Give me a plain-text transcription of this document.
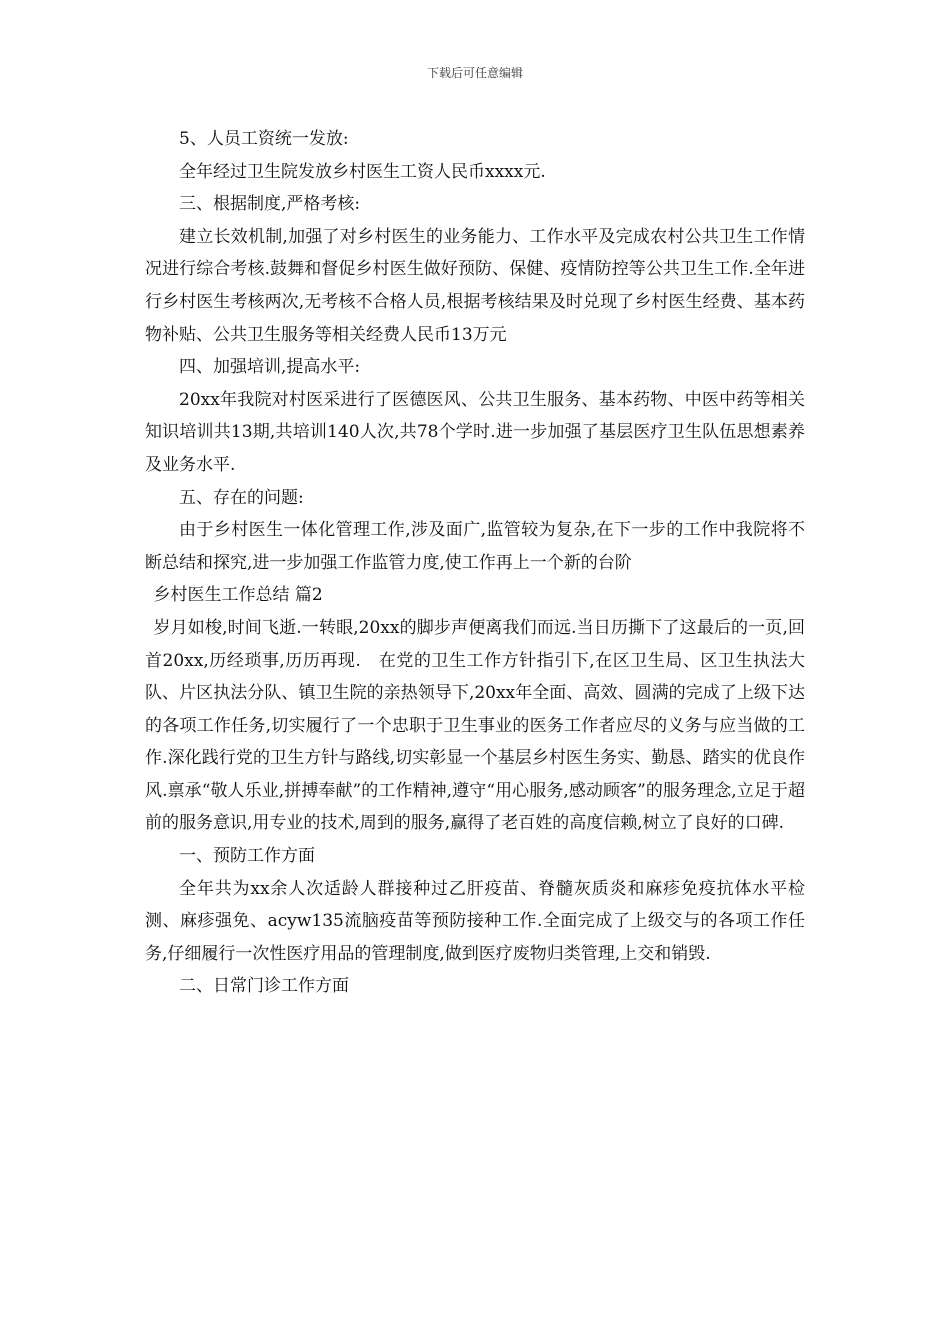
下载后可任意编辑

5、人员工资统一发放:

全年经过卫生院发放乡村医生工资人民币xxxx元.

三、根据制度,严格考核:

建立长效机制,加强了对乡村医生的业务能力、工作水平及完成农村公共卫生工作情况进行综合考核.鼓舞和督促乡村医生做好预防、保健、疫情防控等公共卫生工作.全年进行乡村医生考核两次,无考核不合格人员,根据考核结果及时兑现了乡村医生经费、基本药物补贴、公共卫生服务等相关经费人民币13万元

四、加强培训,提高水平:

20xx年我院对村医采进行了医德医风、公共卫生服务、基本药物、中医中药等相关知识培训共13期,共培训140人次,共78个学时.进一步加强了基层医疗卫生队伍思想素养及业务水平.

五、存在的问题:

由于乡村医生一体化管理工作,涉及面广,监管较为复杂,在下一步的工作中我院将不断总结和探究,进一步加强工作监管力度,使工作再上一个新的台阶

乡村医生工作总结 篇2

岁月如梭,时间飞逝.一转眼,20xx的脚步声便离我们而远.当日历撕下了这最后的一页,回首20xx,历经琐事,历历再现.　在党的卫生工作方针指引下,在区卫生局、区卫生执法大队、片区执法分队、镇卫生院的亲热领导下,20xx年全面、高效、圆满的完成了上级下达的各项工作任务,切实履行了一个忠职于卫生事业的医务工作者应尽的义务与应当做的工作.深化践行党的卫生方针与路线,切实彰显一个基层乡村医生务实、勤恳、踏实的优良作风.禀承“敬人乐业,拼搏奉献”的工作精神,遵守“用心服务,感动顾客”的服务理念,立足于超前的服务意识,用专业的技术,周到的服务,赢得了老百姓的高度信赖,树立了良好的口碑.

一、预防工作方面

全年共为xx余人次适龄人群接种过乙肝疫苗、脊髓灰质炎和麻疹免疫抗体水平检测、麻疹强免、acyw135流脑疫苗等预防接种工作.全面完成了上级交与的各项工作任务,仔细履行一次性医疗用品的管理制度,做到医疗废物归类管理,上交和销毁.

二、日常门诊工作方面
